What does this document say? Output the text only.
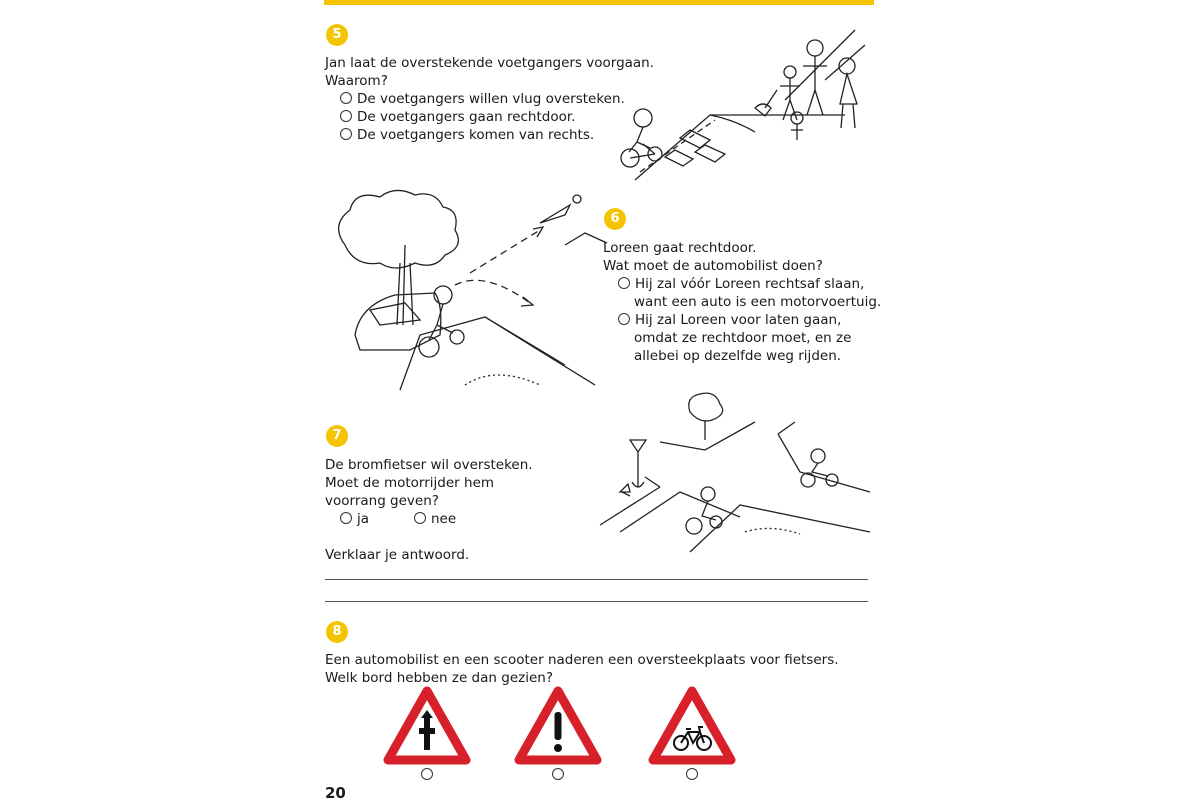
5
Jan laat de overstekende voetgangers voorgaan.
Waarom?
De voetgangers willen vlug oversteken.
De voetgangers gaan rechtdoor.
De voetgangers komen van rechts.
6
Loreen gaat rechtdoor.
Wat moet de automobilist doen?
Hij zal vóór Loreen rechtsaf slaan,
want een auto is een motorvoertuig.
Hij zal Loreen voor laten gaan,
omdat ze rechtdoor moet, en ze
allebei op dezelfde weg rijden.
7
De bromfietser wil oversteken.
Moet de motorrijder hem
voorrang geven?
ja	nee
Verklaar je antwoord.
8
Een automobilist en een scooter naderen een oversteekplaats voor fietsers.
Welk bord hebben ze dan gezien?
20
